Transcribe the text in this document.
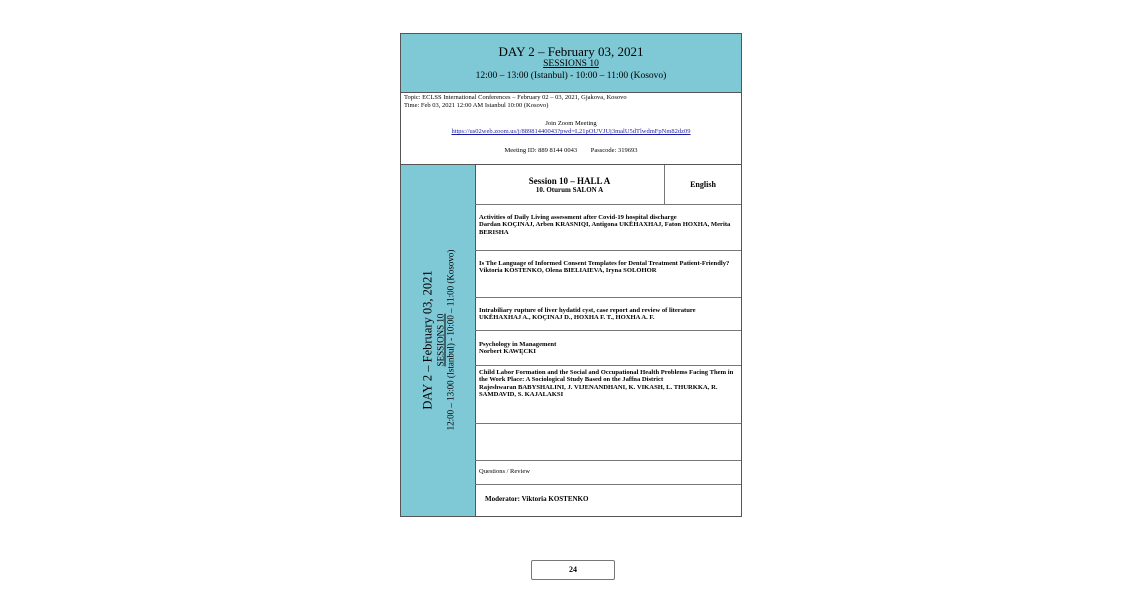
DAY 2 – February 03, 2021
SESSIONS 10
12:00 – 13:00 (Istanbul) - 10:00 – 11:00 (Kosovo)
Topic: ECLSS International Conferences – February 02 – 03, 2021, Gjakova, Kosovo
Time: Feb 03, 2021 12:00 AM Istanbul 10:00 (Kosovo)
Join Zoom Meeting
https://us02web.zoom.us/j/88981440043?pwd=L21pOUVJUj3malU5dTlwdmFpNm82dz09
Meeting ID: 889 8144 0043 Passcode: 319693
DAY 2 – February 03, 2021 SESSIONS 10 12:00 – 13:00 (Istanbul) - 10:00 – 11:00 (Kosovo)
Session 10 – HALL A
10. Oturum SALON A
English
Activities of Daily Living assessment after Covid-19 hospital discharge
Dardan KOÇINAJ, Arben KRASNIQI, Antigona UKËHAXHAJ, Faton HOXHA, Merita BERISHA
Is The Language of Informed Consent Templates for Dental Treatment Patient-Friendly?
Viktoria KOSTENKO, Olena BIELIAIEVA, Iryna SOLOHOR
Intrabiliary rupture of liver hydatid cyst, case report and review of literature
UKËHAXHAJ A., KOÇINAJ D., HOXHA F. T., HOXHA A. F.
Psychology in Management
Norbert KAWĘCKI
Child Labor Formation and the Social and Occupational Health Problems Facing Them in the Work Place: A Sociological Study Based on the Jaffna District
Rajeshwaran BABYSHALINI, J. VIJENANDHANI, K. VIKASH, L. THURKKA, R. SAMDAVID, S. KAJALAKSI
Questions / Review
Moderator: Viktoria KOSTENKO
24
